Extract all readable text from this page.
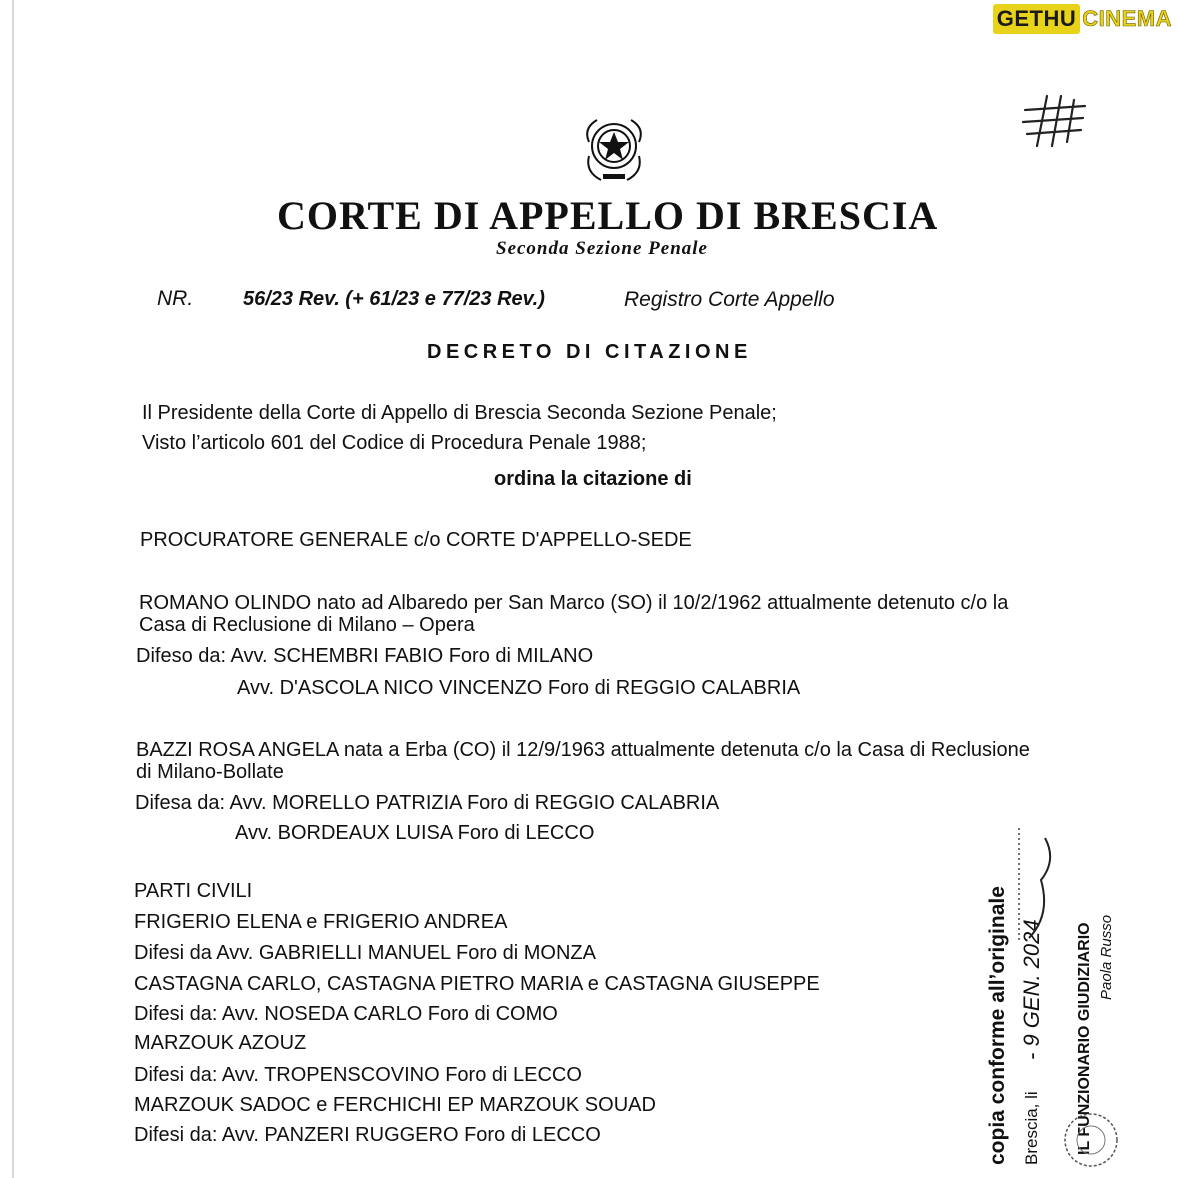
GETHU CINEMA
CORTE DI APPELLO DI BRESCIA
Seconda Sezione Penale
NR. 56/23 Rev. (+ 61/23 e 77/23 Rev.)	Registro Corte Appello
DECRETO DI CITAZIONE
Il Presidente della Corte di Appello di Brescia Seconda Sezione Penale;
Visto l’articolo 601 del Codice di Procedura Penale 1988;
ordina la citazione di
PROCURATORE GENERALE c/o CORTE D'APPELLO-SEDE
ROMANO OLINDO nato ad Albaredo per San Marco (SO) il 10/2/1962 attualmente detenuto c/o la
Casa di Reclusione di Milano – Opera
Difeso da: Avv. SCHEMBRI FABIO Foro di MILANO
Avv. D'ASCOLA NICO VINCENZO Foro di REGGIO CALABRIA
BAZZI ROSA ANGELA nata a Erba (CO) il 12/9/1963 attualmente detenuta c/o la Casa di Reclusione
di Milano-Bollate
Difesa da: Avv. MORELLO PATRIZIA Foro di REGGIO CALABRIA
Avv. BORDEAUX LUISA Foro di LECCO
PARTI CIVILI
FRIGERIO ELENA e FRIGERIO ANDREA
Difesi da Avv. GABRIELLI MANUEL Foro di MONZA
CASTAGNA CARLO, CASTAGNA PIETRO MARIA e CASTAGNA GIUSEPPE
Difesi da: Avv. NOSEDA CARLO Foro di COMO
MARZOUK AZOUZ
Difesi da: Avv. TROPENSCOVINO Foro di LECCO
MARZOUK SADOC e FERCHICHI EP MARZOUK SOUAD
Difesi da: Avv. PANZERI RUGGERO Foro di LECCO	copia conforme all’originale Brescia, li
- 9 GEN. 2024 IL FUNZIONARIO GIUDIZIARIO Paola Russo
